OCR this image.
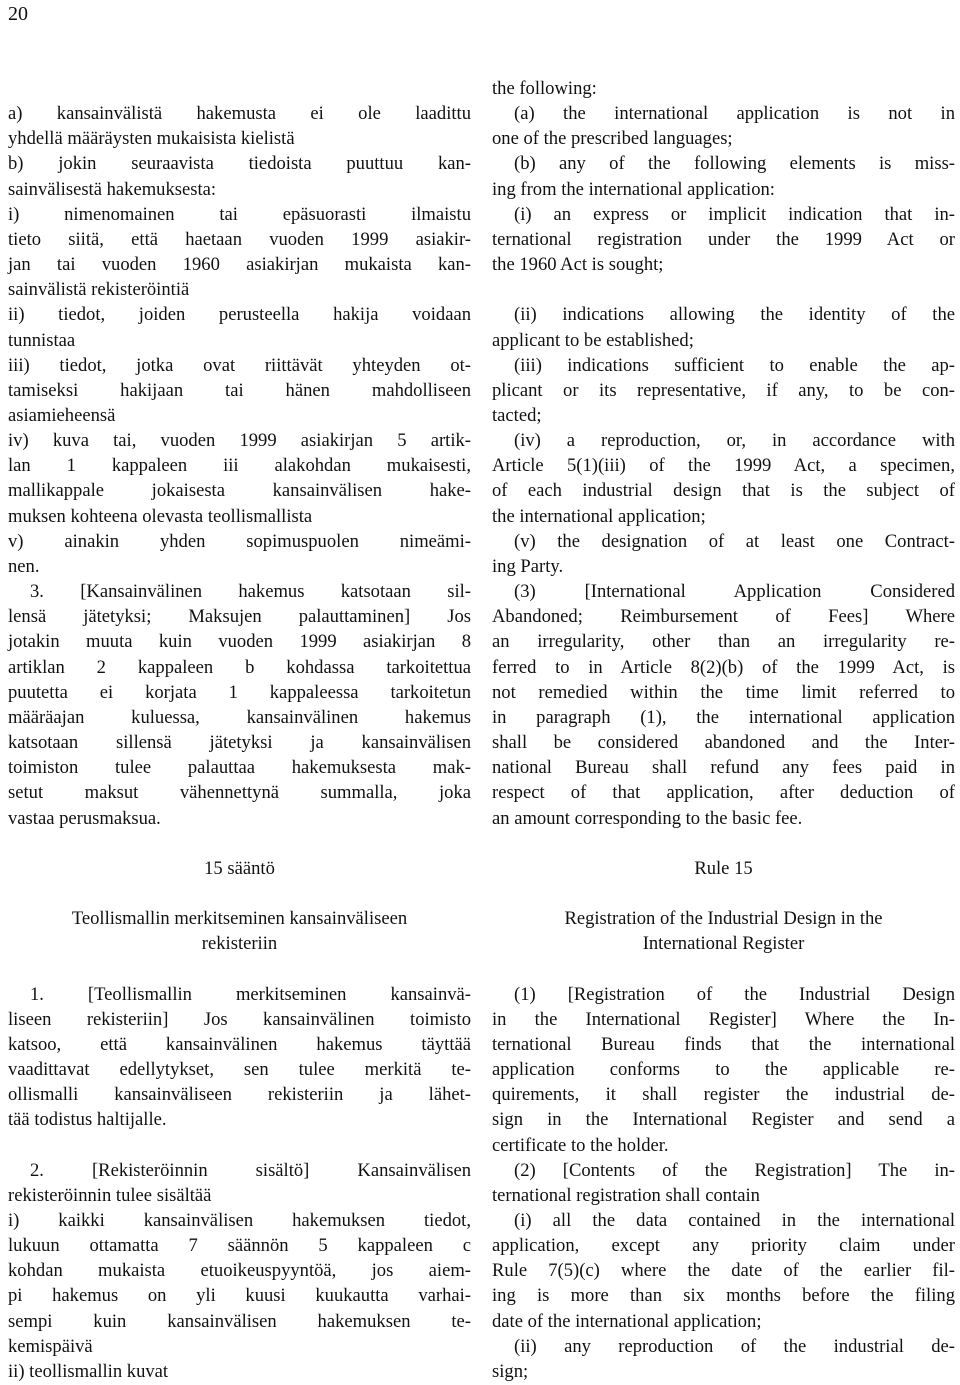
20

a) kansainvälistä hakemusta ei ole laadittu

yhdellä määräysten mukaisista kielistä

b) jokin seuraavista tiedoista puuttuu kan-

sainvälisestä hakemuksesta:

i) nimenomainen tai epäsuorasti ilmaistu

tieto siitä, että haetaan vuoden 1999 asiakir-

jan tai vuoden 1960 asiakirjan mukaista kan-

sainvälistä rekisteröintiä

ii) tiedot, joiden perusteella hakija voidaan

tunnistaa

iii) tiedot, jotka ovat riittävät yhteyden ot-

tamiseksi hakijaan tai hänen mahdolliseen

asiamieheensä

iv) kuva tai, vuoden 1999 asiakirjan 5 artik-

lan 1 kappaleen iii alakohdan mukaisesti,

mallikappale jokaisesta kansainvälisen hake-

muksen kohteena olevasta teollismallista

v) ainakin yhden sopimuspuolen nimeämi-

nen.

3. [Kansainvälinen hakemus katsotaan sil-

lensä jätetyksi; Maksujen palauttaminen] Jos

jotakin muuta kuin vuoden 1999 asiakirjan 8

artiklan 2 kappaleen b kohdassa tarkoitettua

puutetta ei korjata 1 kappaleessa tarkoitetun

määräajan kuluessa, kansainvälinen hakemus

katsotaan sillensä jätetyksi ja kansainvälisen

toimiston tulee palauttaa hakemuksesta mak-

setut maksut vähennettynä summalla, joka

vastaa perusmaksua.

15 sääntö

Teollismallin merkitseminen kansainväliseen

rekisteriin

1. [Teollismallin merkitseminen kansainvä-

liseen rekisteriin] Jos kansainvälinen toimisto

katsoo, että kansainvälinen hakemus täyttää

vaadittavat edellytykset, sen tulee merkitä te-

ollismalli kansainväliseen rekisteriin ja lähet-

tää todistus haltijalle.

2. [Rekisteröinnin sisältö] Kansainvälisen

rekisteröinnin tulee sisältää

i) kaikki kansainvälisen hakemuksen tiedot,

lukuun ottamatta 7 säännön 5 kappaleen c

kohdan mukaista etuoikeuspyyntöä, jos aiem-

pi hakemus on yli kuusi kuukautta varhai-

sempi kuin kansainvälisen hakemuksen te-

kemispäivä

ii) teollismallin kuvat

the following:

(a) the international application is not in

one of the prescribed languages;

(b) any of the following elements is miss-

ing from the international application:

(i) an express or implicit indication that in-

ternational registration under the 1999 Act or

the 1960 Act is sought;

(ii) indications allowing the identity of the

applicant to be established;

(iii) indications sufficient to enable the ap-

plicant or its representative, if any, to be con-

tacted;

(iv) a reproduction, or, in accordance with

Article 5(1)(iii) of the 1999 Act, a specimen,

of each industrial design that is the subject of

the international application;

(v) the designation of at least one Contract-

ing Party.

(3) [International Application Considered

Abandoned; Reimbursement of Fees] Where

an irregularity, other than an irregularity re-

ferred to in Article 8(2)(b) of the 1999 Act, is

not remedied within the time limit referred to

in paragraph (1), the international application

shall be considered abandoned and the Inter-

national Bureau shall refund any fees paid in

respect of that application, after deduction of

an amount corresponding to the basic fee.

Rule 15

Registration of the Industrial Design in the

International Register

(1) [Registration of the Industrial Design

in the International Register] Where the In-

ternational Bureau finds that the international

application conforms to the applicable re-

quirements, it shall register the industrial de-

sign in the International Register and send a

certificate to the holder.

(2) [Contents of the Registration] The in-

ternational registration shall contain

(i) all the data contained in the international

application, except any priority claim under

Rule 7(5)(c) where the date of the earlier fil-

ing is more than six months before the filing

date of the international application;

(ii) any reproduction of the industrial de-

sign;
